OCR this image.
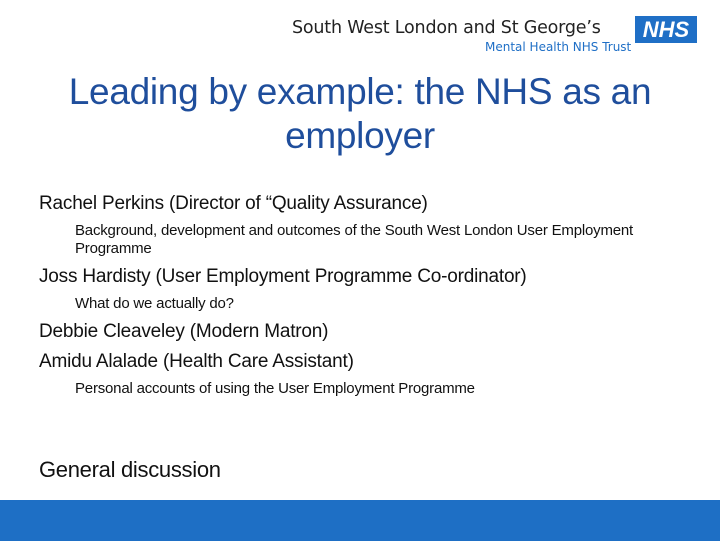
South West London and St George’s	NHS
Mental Health NHS Trust
Leading by example: the NHS as an employer

Rachel Perkins (Director of “Quality Assurance)

Background, development and outcomes of the South West London User Employment Programme

Joss Hardisty (User Employment Programme Co-ordinator)

What do we actually do?

Debbie Cleaveley (Modern Matron)

Amidu Alalade (Health Care Assistant)

Personal accounts of using the User Employment Programme

General discussion
